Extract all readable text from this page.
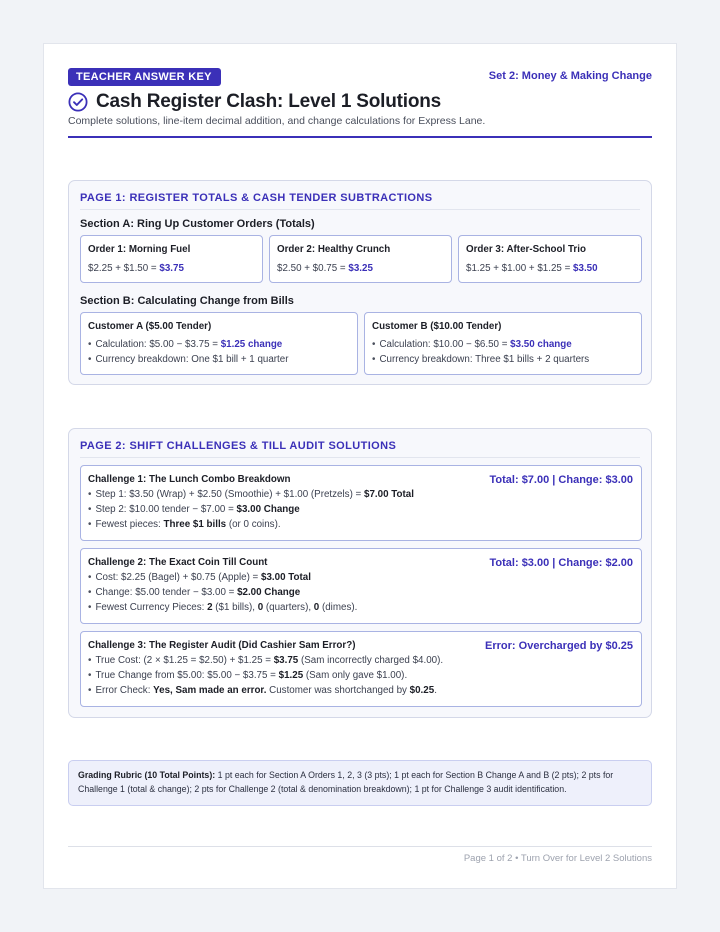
TEACHER ANSWER KEY	Set 2: Money & Making Change
Cash Register Clash: Level 1 Solutions
Complete solutions, line-item decimal addition, and change calculations for Express Lane.
PAGE 1: REGISTER TOTALS & CASH TENDER SUBTRACTIONS
Section A: Ring Up Customer Orders (Totals)
Order 1: Morning Fuel
$2.25 + $1.50 = $3.75
Order 2: Healthy Crunch
$2.50 + $0.75 = $3.25
Order 3: After-School Trio
$1.25 + $1.00 + $1.25 = $3.50
Section B: Calculating Change from Bills
Customer A ($5.00 Tender)
• Calculation: $5.00 − $3.75 = $1.25 change
• Currency breakdown: One $1 bill + 1 quarter
Customer B ($10.00 Tender)
• Calculation: $10.00 − $6.50 = $3.50 change
• Currency breakdown: Three $1 bills + 2 quarters
PAGE 2: SHIFT CHALLENGES & TILL AUDIT SOLUTIONS
Challenge 1: The Lunch Combo Breakdown	Total: $7.00 | Change: $3.00
• Step 1: $3.50 (Wrap) + $2.50 (Smoothie) + $1.00 (Pretzels) = $7.00 Total
• Step 2: $10.00 tender − $7.00 = $3.00 Change
• Fewest pieces: Three $1 bills (or 0 coins).
Challenge 2: The Exact Coin Till Count	Total: $3.00 | Change: $2.00
• Cost: $2.25 (Bagel) + $0.75 (Apple) = $3.00 Total
• Change: $5.00 tender − $3.00 = $2.00 Change
• Fewest Currency Pieces: 2 ($1 bills), 0 (quarters), 0 (dimes).
Challenge 3: The Register Audit (Did Cashier Sam Error?)	Error: Overcharged by $0.25
• True Cost: (2 × $1.25 = $2.50) + $1.25 = $3.75 (Sam incorrectly charged $4.00).
• True Change from $5.00: $5.00 − $3.75 = $1.25 (Sam only gave $1.00).
• Error Check: Yes, Sam made an error. Customer was shortchanged by $0.25.
Grading Rubric (10 Total Points): 1 pt each for Section A Orders 1, 2, 3 (3 pts); 1 pt each for Section B Change A and B (2 pts); 2 pts for Challenge 1 (total & change); 2 pts for Challenge 2 (total & denomination breakdown); 1 pt for Challenge 3 audit identification.
Page 1 of 2 • Turn Over for Level 2 Solutions
